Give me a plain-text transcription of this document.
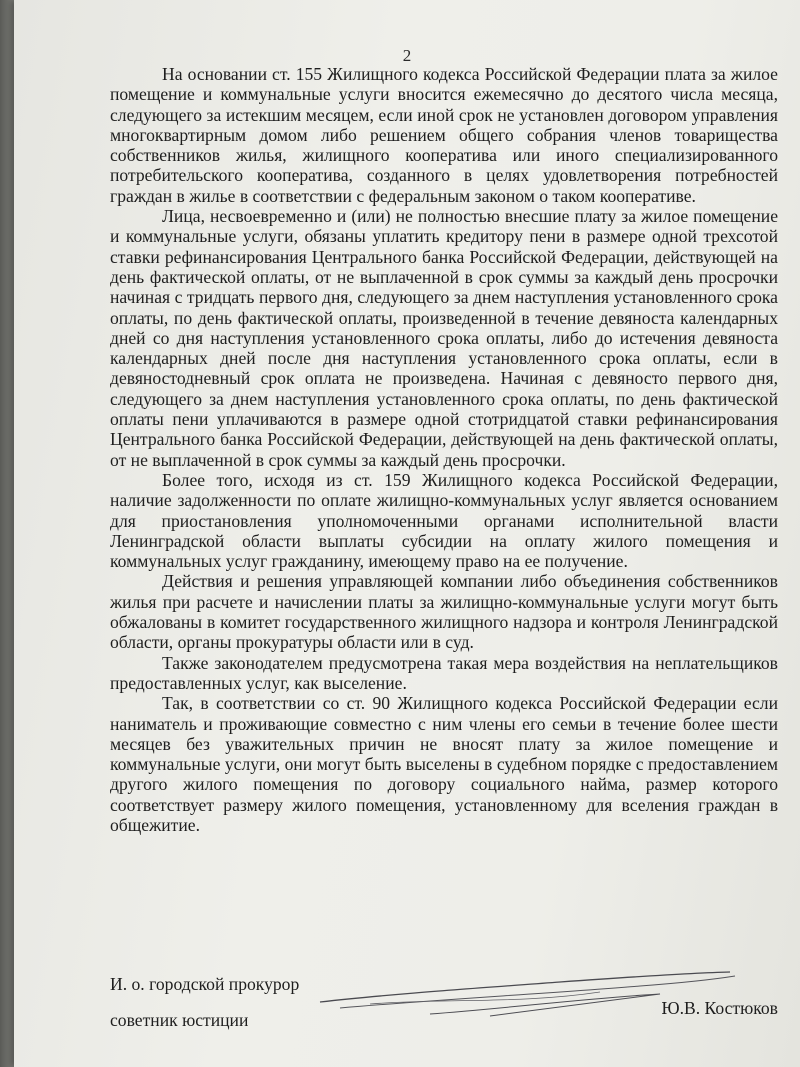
2

На основании ст. 155 Жилищного кодекса Российской Федерации плата за жилое помещение и коммунальные услуги вносится ежемесячно до десятого числа месяца, следующего за истекшим месяцем, если иной срок не установлен договором управления многоквартирным домом либо решением общего собрания членов товарищества собственников жилья, жилищного кооператива или иного специализированного потребительского кооператива, созданного в целях удовлетворения потребностей граждан в жилье в соответствии с федеральным законом о таком кооперативе.

Лица, несвоевременно и (или) не полностью внесшие плату за жилое помещение и коммунальные услуги, обязаны уплатить кредитору пени в размере одной трехсотой ставки рефинансирования Центрального банка Российской Федерации, действующей на день фактической оплаты, от не выплаченной в срок суммы за каждый день просрочки начиная с тридцать первого дня, следующего за днем наступления установленного срока оплаты, по день фактической оплаты, произведенной в течение девяноста календарных дней со дня наступления установленного срока оплаты, либо до истечения девяноста календарных дней после дня наступления установленного срока оплаты, если в девяностодневный срок оплата не произведена. Начиная с девяносто первого дня, следующего за днем наступления установленного срока оплаты, по день фактической оплаты пени уплачиваются в размере одной стотридцатой ставки рефинансирования Центрального банка Российской Федерации, действующей на день фактической оплаты, от не выплаченной в срок суммы за каждый день просрочки.

Более того, исходя из ст. 159 Жилищного кодекса Российской Федерации, наличие задолженности по оплате жилищно-коммунальных услуг является основанием для приостановления уполномоченными органами исполнительной власти Ленинградской области выплаты субсидии на оплату жилого помещения и коммунальных услуг гражданину, имеющему право на ее получение.

Действия и решения управляющей компании либо объединения собственников жилья при расчете и начислении платы за жилищно-коммунальные услуги могут быть обжалованы в комитет государственного жилищного надзора и контроля Ленинградской области, органы прокуратуры области или в суд.

Также законодателем предусмотрена такая мера воздействия на неплательщиков предоставленных услуг, как выселение.

Так, в соответствии со ст. 90 Жилищного кодекса Российской Федерации если наниматель и проживающие совместно с ним члены его семьи в течение более шести месяцев без уважительных причин не вносят плату за жилое помещение и коммунальные услуги, они могут быть выселены в судебном порядке с предоставлением другого жилого помещения по договору социального найма, размер которого соответствует размеру жилого помещения, установленному для вселения граждан в общежитие.

И. о. городской прокурор
советник юстиции
Ю.В. Костюков
